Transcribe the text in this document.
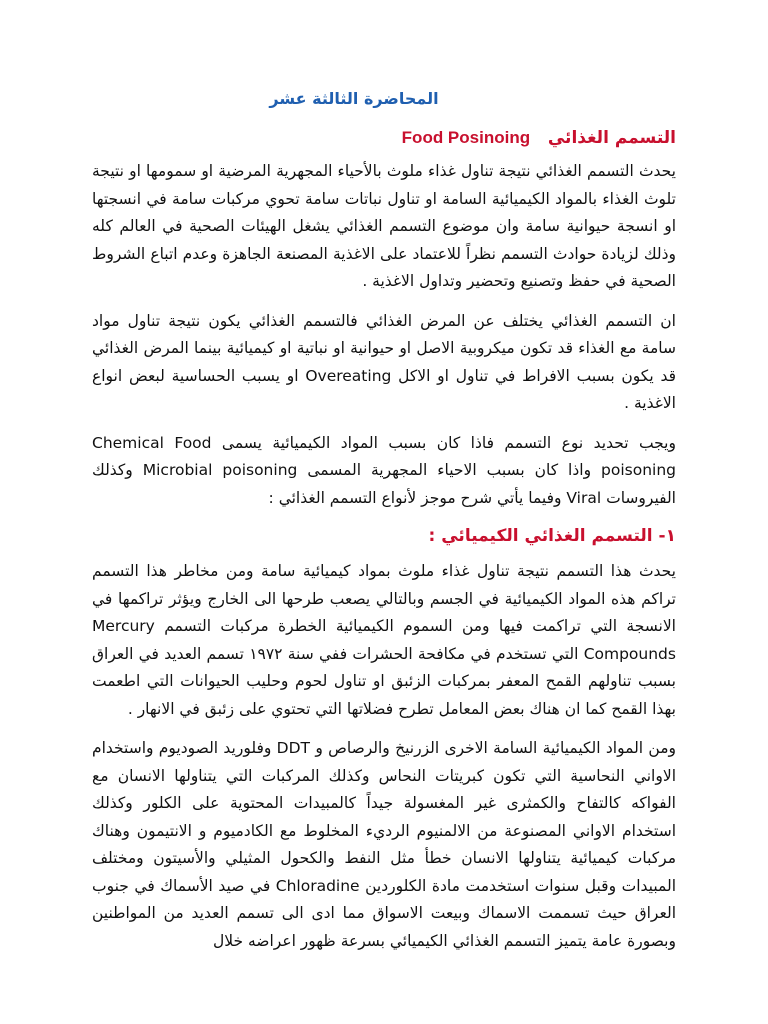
المحاضرة الثالثة عشر
التسمم الغذائي   Food Posinoing

يحدث التسمم الغذائي نتيجة تناول غذاء ملوث بالأحياء المجهرية المرضية او سمومها او نتيجة تلوث الغذاء بالمواد الكيميائية السامة او تناول نباتات سامة تحوي مركبات سامة في انسجتها او انسجة حيوانية سامة وان موضوع التسمم الغذائي يشغل الهيئات الصحية في العالم كله وذلك لزيادة حوادث التسمم نظراً للاعتماد على الاغذية المصنعة الجاهزة وعدم اتباع الشروط الصحية في حفظ وتصنيع وتحضير وتداول الاغذية .

ان التسمم الغذائي يختلف عن المرض الغذائي فالتسمم الغذائي يكون نتيجة تناول مواد سامة مع الغذاء قد تكون ميكروبية الاصل او حيوانية او نباتية او كيميائية بينما المرض الغذائي قد يكون بسبب الافراط في تناول او الاكل Overeating او يسبب الحساسية لبعض انواع الاغذية .

ويجب تحديد نوع التسمم فاذا كان بسبب المواد الكيميائية يسمى Chemical Food poisoning واذا كان بسبب الاحياء المجهرية المسمى Microbial poisoning وكذلك الفيروسات Viral وفيما يأتي شرح موجز لأنواع التسمم الغذائي :

١- التسمم الغذائي الكيميائي :

يحدث هذا التسمم نتيجة تناول غذاء ملوث بمواد كيميائية سامة ومن مخاطر هذا التسمم تراكم هذه المواد الكيميائية في الجسم وبالتالي يصعب طرحها الى الخارج ويؤثر تراكمها في الانسجة التي تراكمت فيها ومن السموم الكيميائية الخطرة مركبات التسمم Mercury Compounds التي تستخدم في مكافحة الحشرات ففي سنة ١٩٧٢ تسمم العديد في العراق بسبب تناولهم القمح المعفر بمركبات الزئبق او تناول لحوم وحليب الحيوانات التي اطعمت بهذا القمح كما ان هناك بعض المعامل تطرح فضلاتها التي تحتوي على زئبق في الانهار .

ومن المواد الكيميائية السامة الاخرى الزرنيخ والرصاص و DDT وفلوريد الصوديوم واستخدام الاواني النحاسية التي تكون كبريتات النحاس وكذلك المركبات التي يتناولها الانسان مع الفواكه كالتفاح والكمثرى غير المغسولة جيداً كالمبيدات المحتوية على الكلور وكذلك استخدام الاواني المصنوعة من الالمنيوم الرديء المخلوط مع الكادميوم و الانتيمون وهناك مركبات كيميائية يتناولها الانسان خطأ مثل النفط والكحول المثيلي والأسيتون ومختلف المبيدات وقبل سنوات استخدمت مادة الكلوردين Chloradine في صيد الأسماك في جنوب العراق حيث تسممت الاسماك وبيعت الاسواق مما ادى الى تسمم العديد من المواطنين وبصورة عامة يتميز التسمم الغذائي الكيميائي بسرعة ظهور اعراضه خلال
